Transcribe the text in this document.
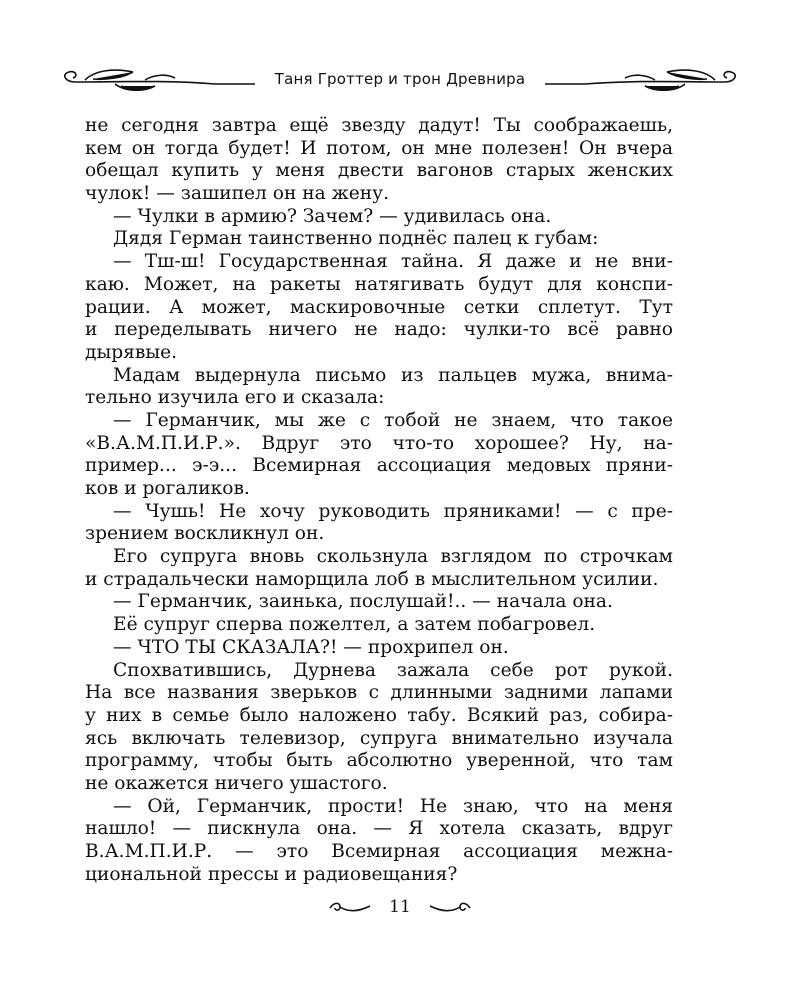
Таня Гроттер и трон Древнира
не сегодня завтра ещё звезду дадут! Ты соображаешь,
кем он тогда будет! И потом, он мне полезен! Он вчера
обещал купить у меня двести вагонов старых женских
чулок! — зашипел он на жену.
— Чулки в армию? Зачем? — удивилась она.
Дядя Герман таинственно поднёс палец к губам:
— Тш-ш! Государственная тайна. Я даже и не вни-
каю. Может, на ракеты натягивать будут для конспи-
рации. А может, маскировочные сетки сплетут. Тут
и переделывать ничего не надо: чулки-то всё равно
дырявые.
Мадам выдернула письмо из пальцев мужа, внима-
тельно изучила его и сказала:
— Германчик, мы же с тобой не знаем, что такое
«В.А.М.П.И.Р.». Вдруг это что-то хорошее? Ну, на-
пример... э-э... Всемирная ассоциация медовых пряни-
ков и рогаликов.
— Чушь! Не хочу руководить пряниками! — с пре-
зрением воскликнул он.
Его супруга вновь скользнула взглядом по строчкам
и страдальчески наморщила лоб в мыслительном усилии.
— Германчик, заинька, послушай!.. — начала она.
Её супруг сперва пожелтел, а затем побагровел.
— ЧТО ТЫ СКАЗАЛА?! — прохрипел он.
Спохватившись, Дурнева зажала себе рот рукой.
На все названия зверьков с длинными задними лапами
у них в семье было наложено табу. Всякий раз, собира-
ясь включать телевизор, супруга внимательно изучала
программу, чтобы быть абсолютно уверенной, что там
не окажется ничего ушастого.
— Ой, Германчик, прости! Не знаю, что на меня
нашло! — пискнула она. — Я хотела сказать, вдруг
В.А.М.П.И.Р. — это Всемирная ассоциация межна-
циональной прессы и радиовещания?
11
